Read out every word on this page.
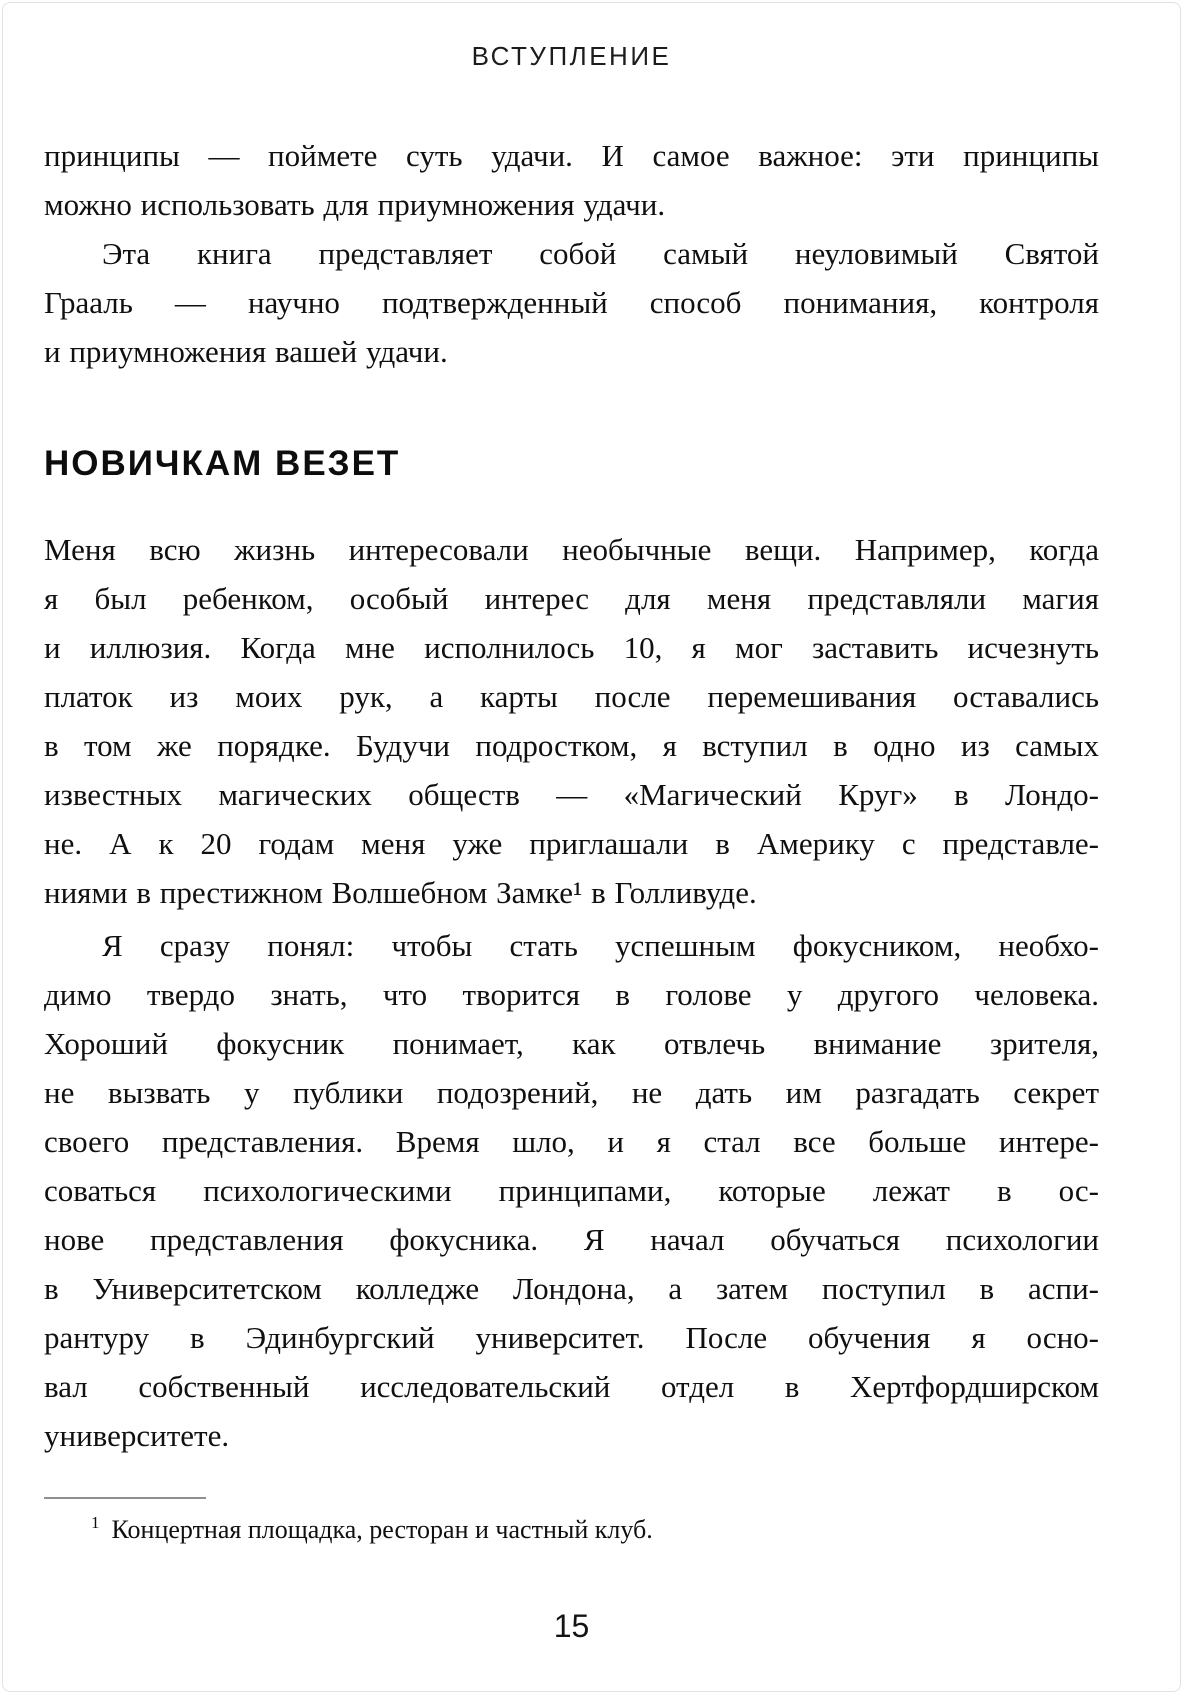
ВСТУПЛЕНИЕ
принципы — поймете суть удачи. И самое важное: эти принципы
можно использовать для приумножения удачи.
Эта книга представляет собой самый неуловимый Святой
Грааль — научно подтвержденный способ понимания, контроля
и приумножения вашей удачи.
НОВИЧКАМ ВЕЗЕТ
Меня всю жизнь интересовали необычные вещи. Например, когда
я был ребенком, особый интерес для меня представляли магия
и иллюзия. Когда мне исполнилось 10, я мог заставить исчезнуть
платок из моих рук, а карты после перемешивания оставались
в том же порядке. Будучи подростком, я вступил в одно из самых
известных магических обществ — «Магический Круг» в Лондо-
не. А к 20 годам меня уже приглашали в Америку с представле-
ниями в престижном Волшебном Замке¹ в Голливуде.
Я сразу понял: чтобы стать успешным фокусником, необхо-
димо твердо знать, что творится в голове у другого человека.
Хороший фокусник понимает, как отвлечь внимание зрителя,
не вызвать у публики подозрений, не дать им разгадать секрет
своего представления. Время шло, и я стал все больше интере-
соваться психологическими принципами, которые лежат в ос-
нове представления фокусника. Я начал обучаться психологии
в Университетском колледже Лондона, а затем поступил в аспи-
рантуру в Эдинбургский университет. После обучения я осно-
вал собственный исследовательский отдел в Хертфордширском
университете.
$^1$ Концертная площадка, ресторан и частный клуб.
15
